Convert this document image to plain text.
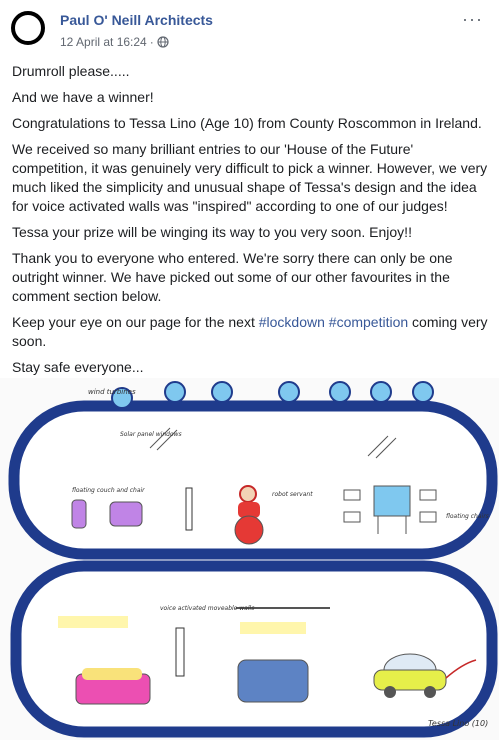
Paul O' Neill Architects
12 April at 16:24 ·
···

Drumroll please.....

And we have a winner!

Congratulations to Tessa Lino (Age 10) from County Roscommon in Ireland.

We received so many brilliant entries to our 'House of the Future' competition, it was genuinely very difficult to pick a winner. However, we very much liked the simplicity and unusual shape of Tessa's design and the idea for voice activated walls was "inspired" according to one of our judges!

Tessa your prize will be winging its way to you very soon. Enjoy!!

Thank you to everyone who entered. We're sorry there can only be one outright winner. We have picked out some of our other favourites in the comment section below.

Keep your eye on our page for the next #lockdown #competition coming very soon.

Stay safe everyone...

wind turbines
Solar panel windows
floating couch and chair
robot servant
floating chairs
voice activated moveable walls
Tessa Lino (10)
